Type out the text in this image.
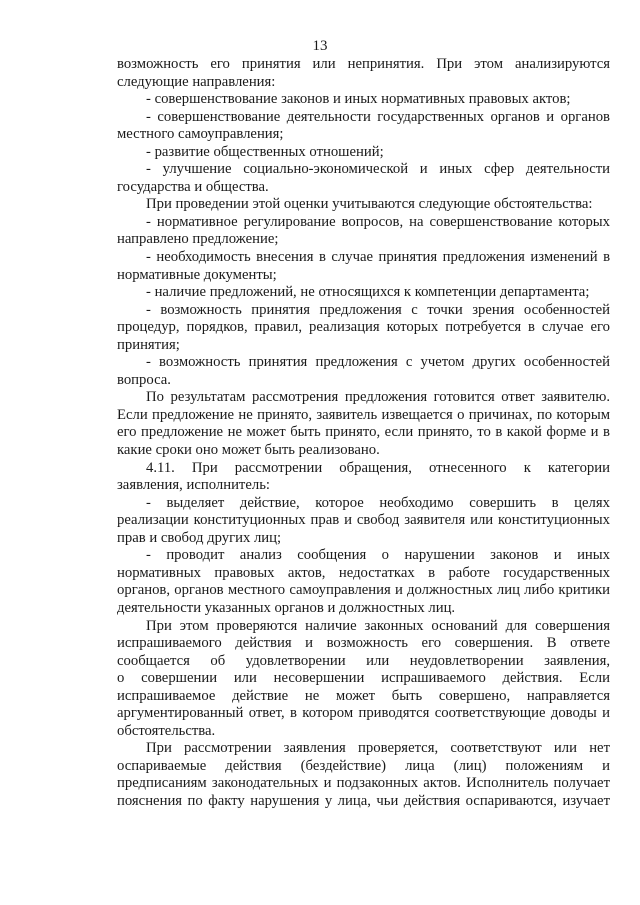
13
возможность его принятия или непринятия. При этом анализируются
следующие направления:
- совершенствование законов и иных нормативных правовых актов;
- совершенствование деятельности государственных органов и органов
местного самоуправления;
- развитие общественных отношений;
- улучшение социально-экономической и иных сфер деятельности
государства и общества.
При проведении этой оценки учитываются следующие обстоятельства:
- нормативное регулирование вопросов, на совершенствование которых
направлено предложение;
- необходимость внесения в случае принятия предложения изменений в
нормативные документы;
- наличие предложений, не относящихся к компетенции департамента;
- возможность принятия предложения с точки зрения особенностей
процедур, порядков, правил, реализация которых потребуется в случае его
принятия;
- возможность принятия предложения с учетом других особенностей
вопроса.
По результатам рассмотрения предложения готовится ответ заявителю.
Если предложение не принято, заявитель извещается о причинах, по которым
его предложение не может быть принято, если принято, то в какой форме и в
какие сроки оно может быть реализовано.
4.11. При рассмотрении обращения, отнесенного к категории
заявления, исполнитель:
- выделяет действие, которое необходимо совершить в целях
реализации конституционных прав и свобод заявителя или конституционных
прав и свобод других лиц;
- проводит анализ сообщения о нарушении законов и иных
нормативных правовых актов, недостатках в работе государственных
органов, органов местного самоуправления и должностных лиц либо критики
деятельности указанных органов и должностных лиц.
При этом проверяются наличие законных оснований для совершения
испрашиваемого действия и возможность его совершения. В ответе
сообщается об удовлетворении или неудовлетворении заявления,
о совершении или несовершении испрашиваемого действия. Если
испрашиваемое действие не может быть совершено, направляется
аргументированный ответ, в котором приводятся соответствующие доводы и
обстоятельства.
При рассмотрении заявления проверяется, соответствуют или нет
оспариваемые действия (бездействие) лица (лиц) положениям и
предписаниям законодательных и подзаконных актов. Исполнитель получает
пояснения по факту нарушения у лица, чьи действия оспариваются, изучает
